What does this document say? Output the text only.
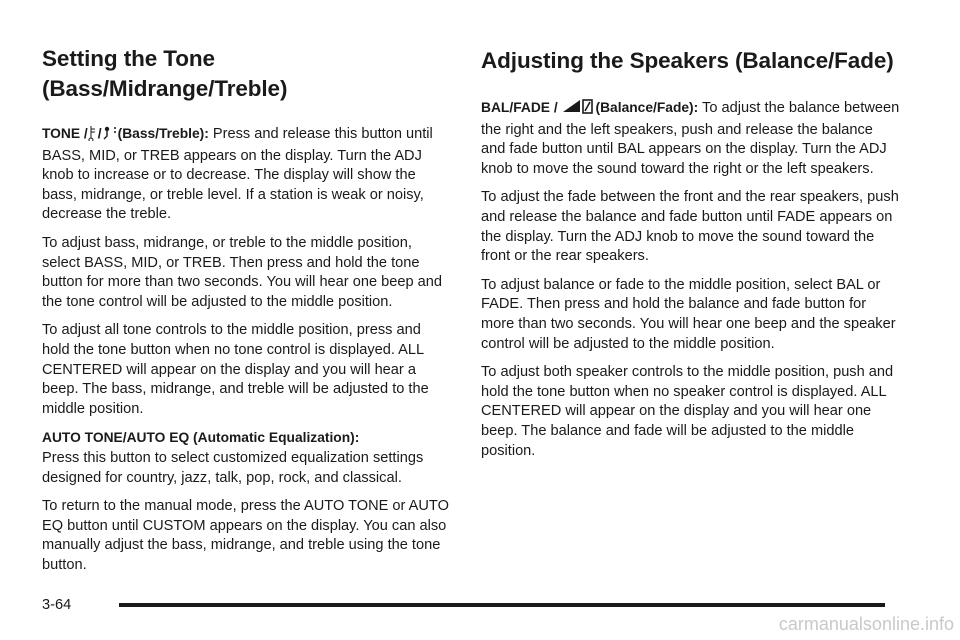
Setting the Tone
(Bass/Midrange/Treble)

TONE / / (Bass/Treble): Press and release this button until BASS, MID, or TREB appears on the display. Turn the ADJ knob to increase or to decrease. The display will show the bass, midrange, or treble level. If a station is weak or noisy, decrease the treble.

To adjust bass, midrange, or treble to the middle position, select BASS, MID, or TREB. Then press and hold the tone button for more than two seconds. You will hear one beep and the tone control will be adjusted to the middle position.

To adjust all tone controls to the middle position, press and hold the tone button when no tone control is displayed. ALL CENTERED will appear on the display and you will hear a beep. The bass, midrange, and treble will be adjusted to the middle position.

AUTO TONE/AUTO EQ (Automatic Equalization):
Press this button to select customized equalization settings designed for country, jazz, talk, pop, rock, and classical.

To return to the manual mode, press the AUTO TONE or AUTO EQ button until CUSTOM appears on the display. You can also manually adjust the bass, midrange, and treble using the tone button.

Adjusting the Speakers (Balance/Fade)

BAL/FADE /	(Balance/Fade): To adjust the balance between the right and the left speakers, push and release the balance and fade button until BAL appears on the display. Turn the ADJ knob to move the sound toward the right or the left speakers.

To adjust the fade between the front and the rear speakers, push and release the balance and fade button until FADE appears on the display. Turn the ADJ knob to move the sound toward the front or the rear speakers.

To adjust balance or fade to the middle position, select BAL or FADE. Then press and hold the balance and fade button for more than two seconds. You will hear one beep and the speaker control will be adjusted to the middle position.

To adjust both speaker controls to the middle position, push and hold the tone button when no speaker control is displayed. ALL CENTERED will appear on the display and you will hear one beep. The balance and fade will be adjusted to the middle position.

3-64
carmanualsonline.info
